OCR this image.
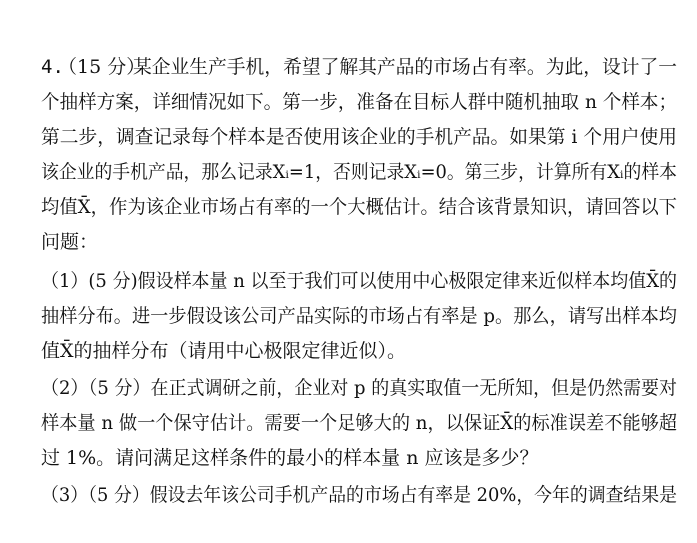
4.
（15 分）
某企业生产手机，希望了解其产品的市场占有率。为此，设计了一
个抽样方案，详细情况如下。第一步，准备在目标人群中随机抽取 n 个样本；
第二步，调查记录每个样本是否使用该企业的手机产品。如果第 i 个用户使用
该企业的手机产品，那么记录Xᵢ=1，否则记录Xᵢ=0。第三步，计算所有Xᵢ的样本
均值X̄，作为该企业市场占有率的一个大概估计。结合该背景知识，请回答以下
问题：
（1）(5 分)假设样本量 n 以至于我们可以使用中心极限定律来近似样本均值X̄的
抽样分布。进一步假设该公司产品实际的市场占有率是 p。那么，请写出样本均
值X̄的抽样分布（请用中心极限定律近似）。
（2）（5 分）在正式调研之前，企业对 p 的真实取值一无所知，但是仍然需要对
样本量 n 做一个保守估计。需要一个足够大的 n，以保证X̄的标准误差不能够超
过 1%。请问满足这样条件的最小的样本量 n 应该是多少？
（3）（5 分）假设去年该公司手机产品的市场占有率是 20%，今年的调查结果是
